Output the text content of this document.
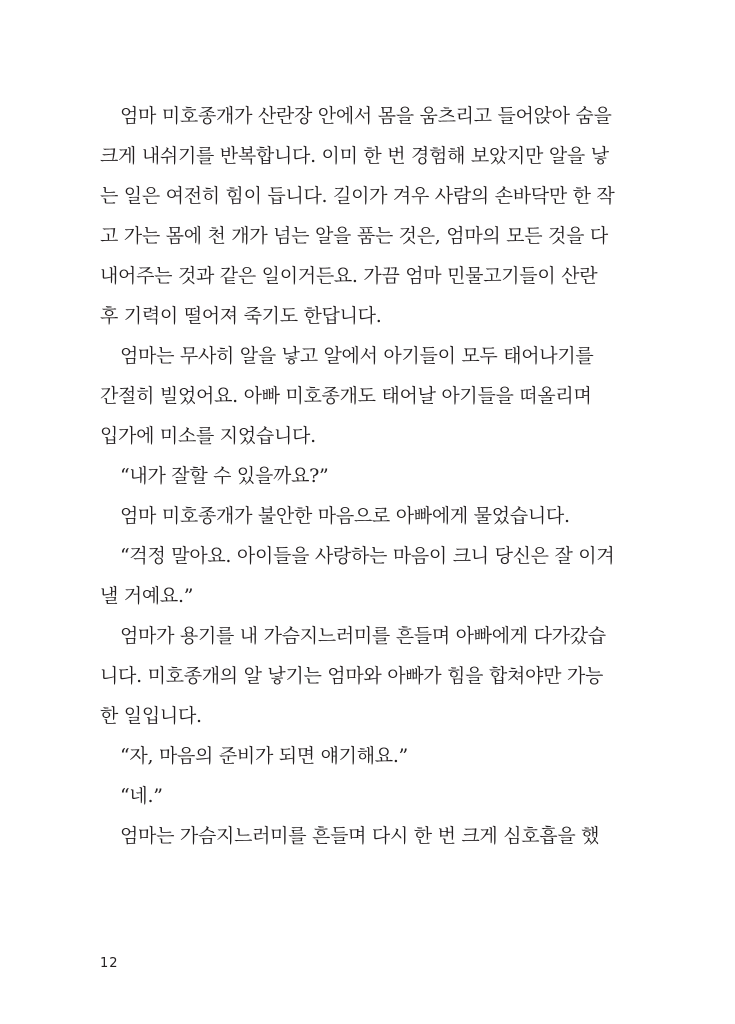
엄마 미호종개가 산란장 안에서 몸을 움츠리고 들어앉아 숨을
크게 내쉬기를 반복합니다. 이미 한 번 경험해 보았지만 알을 낳
는 일은 여전히 힘이 듭니다. 길이가 겨우 사람의 손바닥만 한 작
고 가는 몸에 천 개가 넘는 알을 품는 것은, 엄마의 모든 것을 다
내어주는 것과 같은 일이거든요. 가끔 엄마 민물고기들이 산란
후 기력이 떨어져 죽기도 한답니다.
엄마는 무사히 알을 낳고 알에서 아기들이 모두 태어나기를
간절히 빌었어요. 아빠 미호종개도 태어날 아기들을 떠올리며
입가에 미소를 지었습니다.
“내가 잘할 수 있을까요?”
엄마 미호종개가 불안한 마음으로 아빠에게 물었습니다.
“걱정 말아요. 아이들을 사랑하는 마음이 크니 당신은 잘 이겨
낼 거예요.”
엄마가 용기를 내 가슴지느러미를 흔들며 아빠에게 다가갔습
니다. 미호종개의 알 낳기는 엄마와 아빠가 힘을 합쳐야만 가능
한 일입니다.
“자, 마음의 준비가 되면 얘기해요.”
“네.”
엄마는 가슴지느러미를 흔들며 다시 한 번 크게 심호흡을 했
12
